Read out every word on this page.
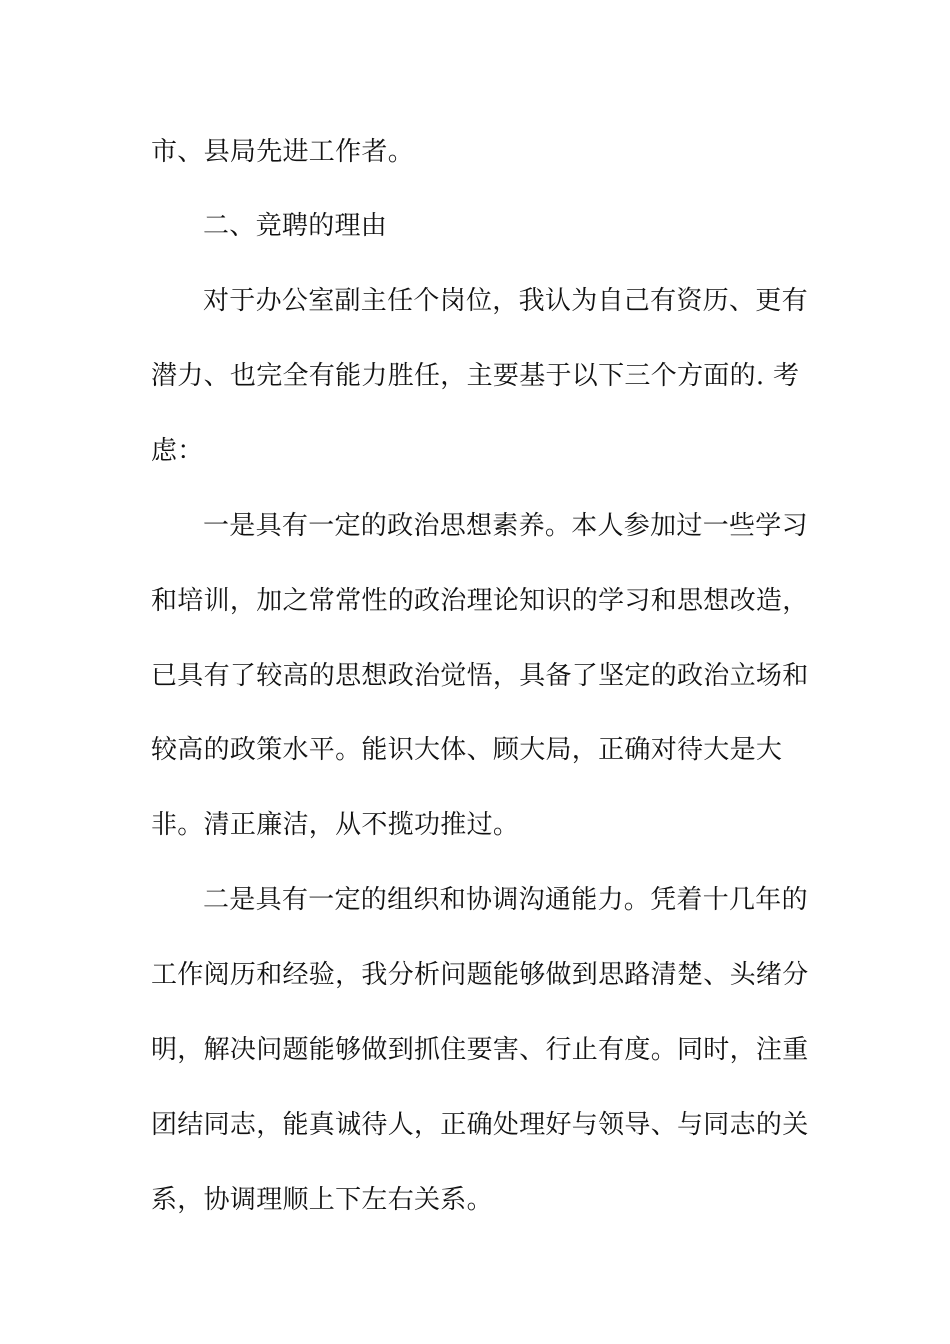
市、县局先进工作者。
二、竞聘的理由
对于办公室副主任个岗位，我认为自己有资历、更有
潜力、也完全有能力胜任，主要基于以下三个方面的. 考
虑：
一是具有一定的政治思想素养。本人参加过一些学习
和培训，加之常常性的政治理论知识的学习和思想改造，
已具有了较高的思想政治觉悟，具备了坚定的政治立场和
较高的政策水平。能识大体、顾大局，正确对待大是大
非。清正廉洁，从不揽功推过。
二是具有一定的组织和协调沟通能力。凭着十几年的
工作阅历和经验，我分析问题能够做到思路清楚、头绪分
明，解决问题能够做到抓住要害、行止有度。同时，注重
团结同志，能真诚待人，正确处理好与领导、与同志的关
系，协调理顺上下左右关系。
